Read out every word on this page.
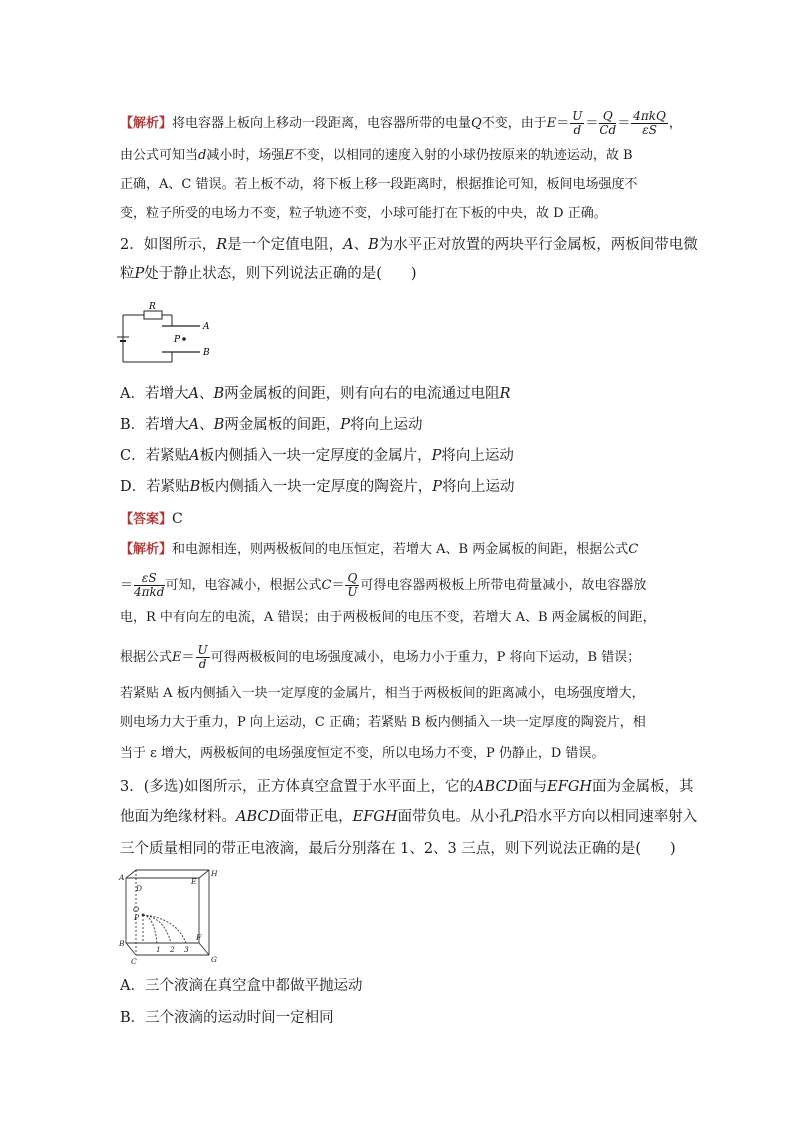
【解析】将电容器上板向上移动一段距离，电容器所带的电量Q不变，由于$E= \frac{U}{d} = \frac{Q}{Cd} = \frac{\text{4πkQ}}{\varepsilon S}$ ，
由公式可知当d减小时，场强E不变，以相同的速度入射的小球仍按原来的轨迹运动，故 B
正确，A、C 错误。若上板不动，将下板上移一段距离时，根据推论可知，板间电场强度不
变，粒子所受的电场力不变，粒子轨迹不变，小球可能打在下板的中央，故 D 正确。
2．如图所示，R是一个定值电阻，A、B为水平正对放置的两块平行金属板，两板间带电微
粒P处于静止状态，则下列说法正确的是(　　)
R
A
B
P
A．若增大A、B两金属板的间距，则有向右的电流通过电阻R
B．若增大A、B两金属板的间距，P将向上运动
C．若紧贴A板内侧插入一块一定厚度的金属片，P将向上运动
D．若紧贴B板内侧插入一块一定厚度的陶瓷片，P将向上运动
【答案】C
【解析】和电源相连，则两极板间的电压恒定，若增大 A、B 两金属板的间距，根据公式C
＝ $\frac{\varepsilon S}{\text{4πkd}}$ 可知，电容减小，根据公式$C= \frac{Q}{U}$ 可得电容器两极板上所带电荷量减小，故电容器放
电，R 中有向左的电流，A 错误；由于两极板间的电压不变，若增大 A、B 两金属板的间距，
根据公式$E= \frac{U}{d}$ 可得两极板间的电场强度减小，电场力小于重力，P 将向下运动，B 错误；
若紧贴 A 板内侧插入一块一定厚度的金属片，相当于两极板间的距离减小，电场强度增大，
则电场力大于重力，P 向上运动，C 正确；若紧贴 B 板内侧插入一块一定厚度的陶瓷片，相
当于 ε 增大，两极板间的电场强度恒定不变，所以电场力不变，P 仍静止，D 错误。
3．(多选)如图所示，正方体真空盒置于水平面上，它的ABCD面与EFGH面为金属板，其
他面为绝缘材料。ABCD面带正电，EFGH面带负电。从小孔P沿水平方向以相同速率射入
三个质量相同的带正电液滴，最后分别落在 1、2、3 三点，则下列说法正确的是(　　)
A
B
C
D
E
F
G
H
O
P
1 2 3
A．三个液滴在真空盒中都做平抛运动
B．三个液滴的运动时间一定相同
